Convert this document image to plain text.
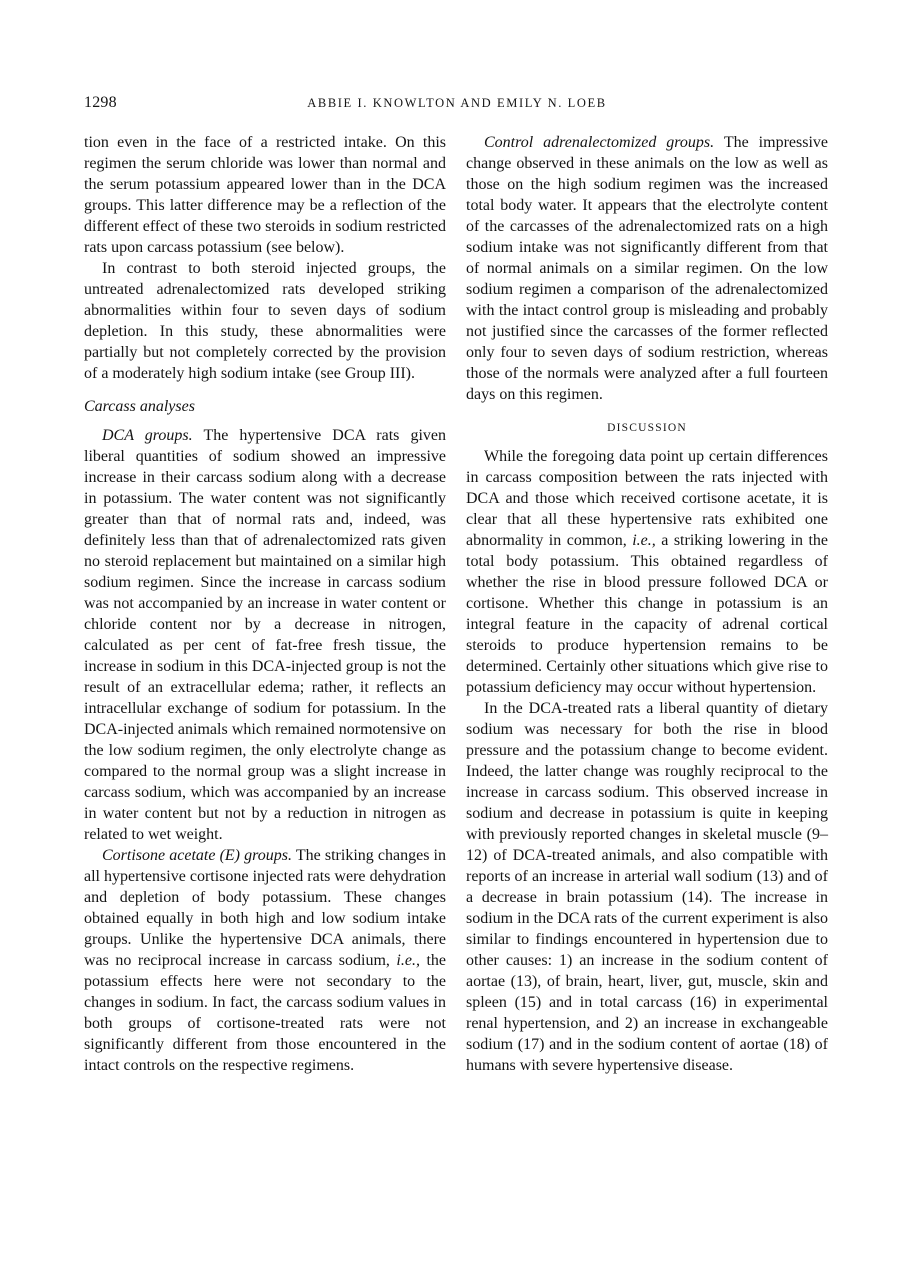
1298	ABBIE I. KNOWLTON AND EMILY N. LOEB

tion even in the face of a restricted intake. On this regimen the serum chloride was lower than normal and the serum potassium appeared lower than in the DCA groups. This latter difference may be a reflection of the different effect of these two steroids in sodium restricted rats upon carcass potassium (see below).

In contrast to both steroid injected groups, the untreated adrenalectomized rats developed striking abnormalities within four to seven days of sodium depletion. In this study, these abnormalities were partially but not completely corrected by the provision of a moderately high sodium intake (see Group III).

Carcass analyses

DCA groups. The hypertensive DCA rats given liberal quantities of sodium showed an impressive increase in their carcass sodium along with a decrease in potassium. The water content was not significantly greater than that of normal rats and, indeed, was definitely less than that of adrenalectomized rats given no steroid replacement but maintained on a similar high sodium regimen. Since the increase in carcass sodium was not accompanied by an increase in water content or chloride content nor by a decrease in nitrogen, calculated as per cent of fat-free fresh tissue, the increase in sodium in this DCA-injected group is not the result of an extracellular edema; rather, it reflects an intracellular exchange of sodium for potassium. In the DCA-injected animals which remained normotensive on the low sodium regimen, the only electrolyte change as compared to the normal group was a slight increase in carcass sodium, which was accompanied by an increase in water content but not by a reduction in nitrogen as related to wet weight.

Cortisone acetate (E) groups. The striking changes in all hypertensive cortisone injected rats were dehydration and depletion of body potassium. These changes obtained equally in both high and low sodium intake groups. Unlike the hypertensive DCA animals, there was no reciprocal increase in carcass sodium, i.e., the potassium effects here were not secondary to the changes in sodium. In fact, the carcass sodium values in both groups of cortisone-treated rats were not significantly different from those encountered in the intact controls on the respective regimens.

Control adrenalectomized groups. The impressive change observed in these animals on the low as well as those on the high sodium regimen was the increased total body water. It appears that the electrolyte content of the carcasses of the adrenalectomized rats on a high sodium intake was not significantly different from that of normal animals on a similar regimen. On the low sodium regimen a comparison of the adrenalectomized with the intact control group is misleading and probably not justified since the carcasses of the former reflected only four to seven days of sodium restriction, whereas those of the normals were analyzed after a full fourteen days on this regimen.

DISCUSSION

While the foregoing data point up certain differences in carcass composition between the rats injected with DCA and those which received cortisone acetate, it is clear that all these hypertensive rats exhibited one abnormality in common, i.e., a striking lowering in the total body potassium. This obtained regardless of whether the rise in blood pressure followed DCA or cortisone. Whether this change in potassium is an integral feature in the capacity of adrenal cortical steroids to produce hypertension remains to be determined. Certainly other situations which give rise to potassium deficiency may occur without hypertension.

In the DCA-treated rats a liberal quantity of dietary sodium was necessary for both the rise in blood pressure and the potassium change to become evident. Indeed, the latter change was roughly reciprocal to the increase in carcass sodium. This observed increase in sodium and decrease in potassium is quite in keeping with previously reported changes in skeletal muscle (9–12) of DCA-treated animals, and also compatible with reports of an increase in arterial wall sodium (13) and of a decrease in brain potassium (14). The increase in sodium in the DCA rats of the current experiment is also similar to findings encountered in hypertension due to other causes: 1) an increase in the sodium content of aortae (13), of brain, heart, liver, gut, muscle, skin and spleen (15) and in total carcass (16) in experimental renal hypertension, and 2) an increase in exchangeable sodium (17) and in the sodium content of aortae (18) of humans with severe hypertensive disease.
